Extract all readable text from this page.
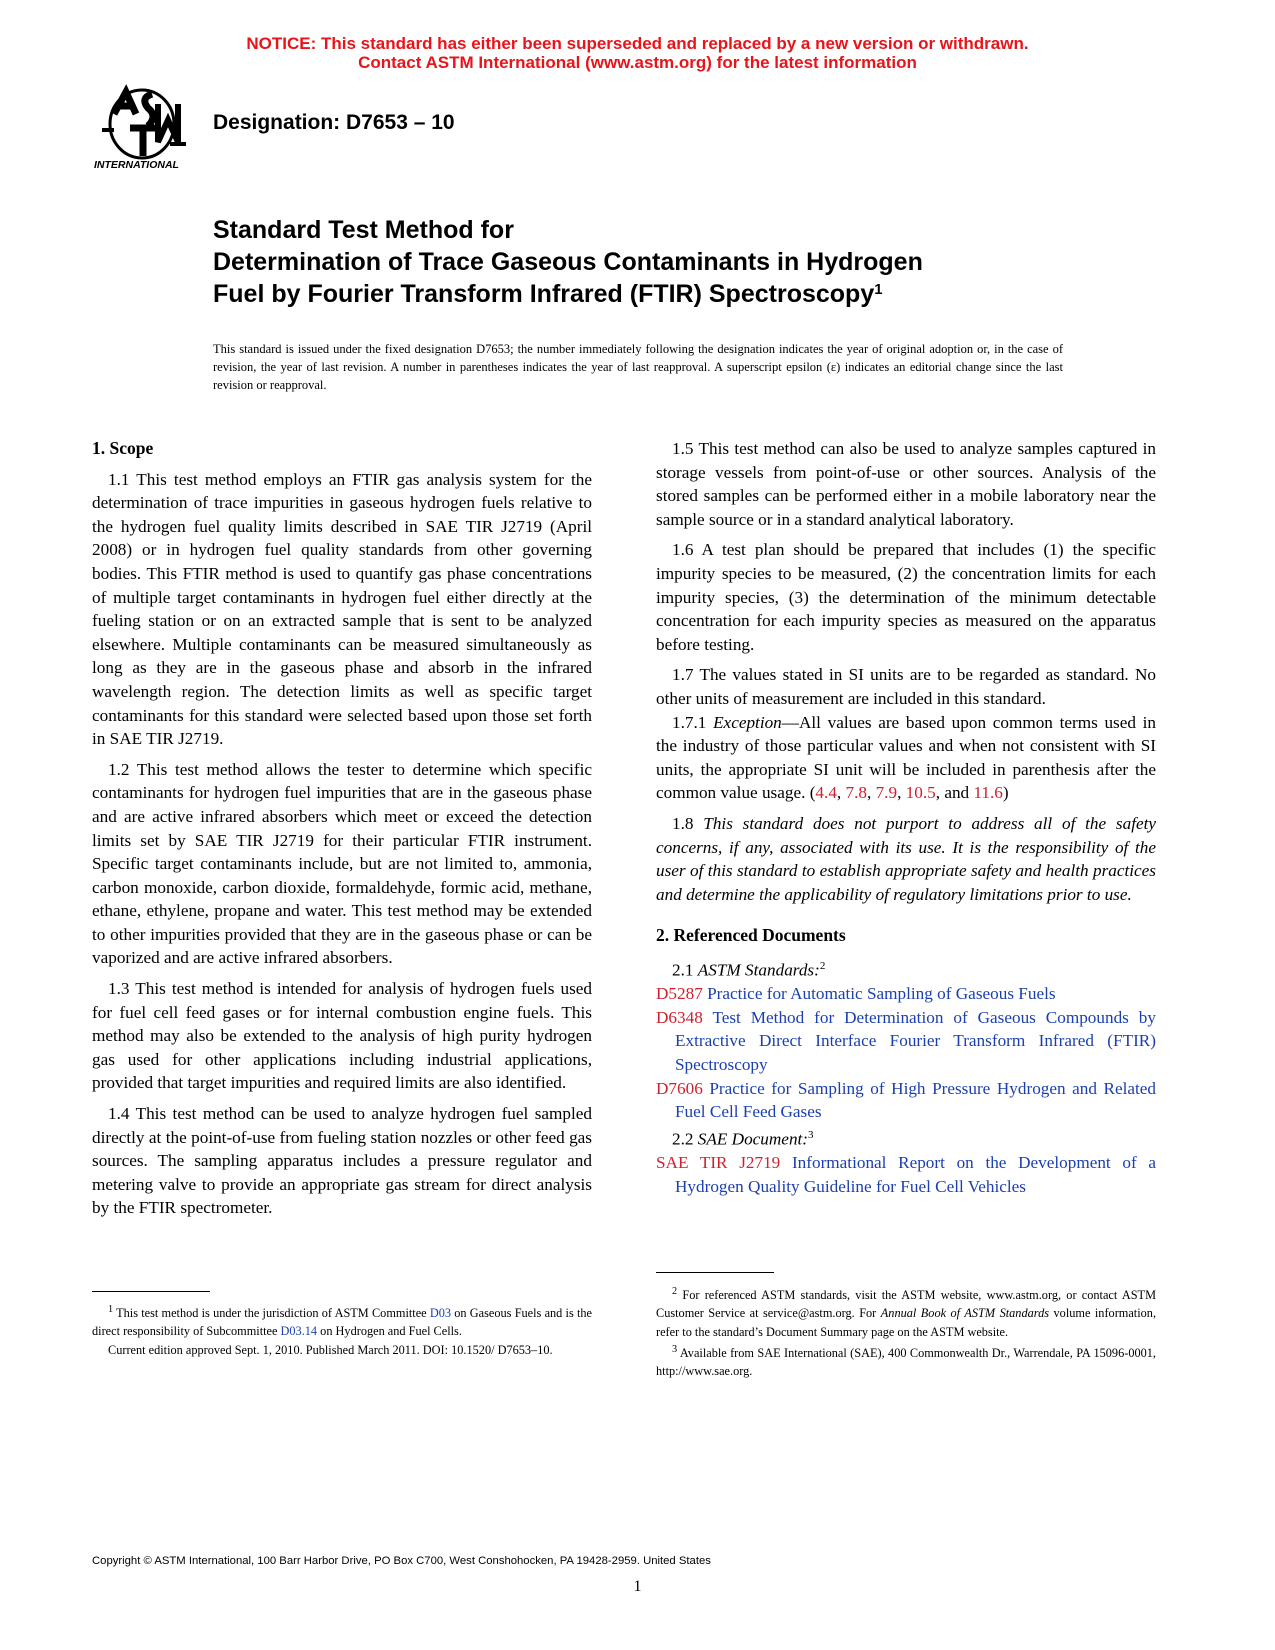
NOTICE: This standard has either been superseded and replaced by a new version or withdrawn.
Contact ASTM International (www.astm.org) for the latest information
INTERNATIONAL
Designation: D7653 – 10
Standard Test Method for
Determination of Trace Gaseous Contaminants in Hydrogen
Fuel by Fourier Transform Infrared (FTIR) Spectroscopy$^1$
This standard is issued under the fixed designation D7653; the number immediately following the designation indicates the year of original adoption or, in the case of revision, the year of last revision. A number in parentheses indicates the year of last reapproval. A superscript epsilon (ε) indicates an editorial change since the last revision or reapproval.
1. Scope

1.1 This test method employs an FTIR gas analysis system for the determination of trace impurities in gaseous hydrogen fuels relative to the hydrogen fuel quality limits described in SAE TIR J2719 (April 2008) or in hydrogen fuel quality standards from other governing bodies. This FTIR method is used to quantify gas phase concentrations of multiple target contaminants in hydrogen fuel either directly at the fueling station or on an extracted sample that is sent to be analyzed elsewhere. Multiple contaminants can be measured simultaneously as long as they are in the gaseous phase and absorb in the infrared wavelength region. The detection limits as well as specific target contaminants for this standard were selected based upon those set forth in SAE TIR J2719.

1.2 This test method allows the tester to determine which specific contaminants for hydrogen fuel impurities that are in the gaseous phase and are active infrared absorbers which meet or exceed the detection limits set by SAE TIR J2719 for their particular FTIR instrument. Specific target contaminants include, but are not limited to, ammonia, carbon monoxide, carbon dioxide, formaldehyde, formic acid, methane, ethane, ethylene, propane and water. This test method may be extended to other impurities provided that they are in the gaseous phase or can be vaporized and are active infrared absorbers.

1.3 This test method is intended for analysis of hydrogen fuels used for fuel cell feed gases or for internal combustion engine fuels. This method may also be extended to the analysis of high purity hydrogen gas used for other applications including industrial applications, provided that target impurities and required limits are also identified.

1.4 This test method can be used to analyze hydrogen fuel sampled directly at the point-of-use from fueling station nozzles or other feed gas sources. The sampling apparatus includes a pressure regulator and metering valve to provide an appropriate gas stream for direct analysis by the FTIR spectrometer.

1.5 This test method can also be used to analyze samples captured in storage vessels from point-of-use or other sources. Analysis of the stored samples can be performed either in a mobile laboratory near the sample source or in a standard analytical laboratory.

1.6 A test plan should be prepared that includes (1) the specific impurity species to be measured, (2) the concentration limits for each impurity species, (3) the determination of the minimum detectable concentration for each impurity species as measured on the apparatus before testing.

1.7 The values stated in SI units are to be regarded as standard. No other units of measurement are included in this standard.

1.7.1 Exception—All values are based upon common terms used in the industry of those particular values and when not consistent with SI units, the appropriate SI unit will be included in parenthesis after the common value usage. (4.4, 7.8, 7.9, 10.5, and 11.6)

1.8 This standard does not purport to address all of the safety concerns, if any, associated with its use. It is the responsibility of the user of this standard to establish appropriate safety and health practices and determine the applicability of regulatory limitations prior to use.

2. Referenced Documents
2.1 ASTM Standards:$^2$
D5287 Practice for Automatic Sampling of Gaseous Fuels
D6348 Test Method for Determination of Gaseous Compounds by Extractive Direct Interface Fourier Transform Infrared (FTIR) Spectroscopy
D7606 Practice for Sampling of High Pressure Hydrogen and Related Fuel Cell Feed Gases
2.2 SAE Document:$^3$
SAE TIR J2719 Informational Report on the Development of a Hydrogen Quality Guideline for Fuel Cell Vehicles

$^1$ This test method is under the jurisdiction of ASTM Committee D03 on Gaseous Fuels and is the direct responsibility of Subcommittee D03.14 on Hydrogen and Fuel Cells.

Current edition approved Sept. 1, 2010. Published March 2011. DOI: 10.1520/ D7653–10.

$^2$ For referenced ASTM standards, visit the ASTM website, www.astm.org, or contact ASTM Customer Service at service@astm.org. For Annual Book of ASTM Standards volume information, refer to the standard’s Document Summary page on the ASTM website.

$^3$ Available from SAE International (SAE), 400 Commonwealth Dr., Warrendale, PA 15096-0001, http://www.sae.org.

Copyright © ASTM International, 100 Barr Harbor Drive, PO Box C700, West Conshohocken, PA 19428-2959. United States
1
